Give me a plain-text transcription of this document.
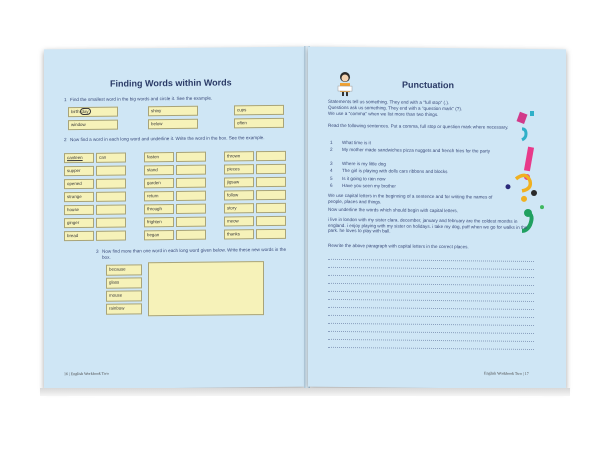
Finding Words within Words
1 Find the smallest word in the big words and circle it. See the example.
birth day
window
shiny
below
cups
often
2 Now find a word in each long word and underline it. Write the word in the box. See the example.
canteen	can
supper
opened
strange
house
ginger
bread
fasten
stand
garden
return
through
frighten
began
thrown
pieces
jigsaw
follow
story
meow
thanks
3 Now find more than one word in each long word given below. Write these new words in the box.
because
glass
mouse
rainbow
16 | English Workbook Two
Punctuation
Statements tell us something. They end with a "full stop" (.).
Questions ask us something. They end with a "question mark" (?).
We use a "comma" when we list more than two things.
Read the following sentences. Put a comma, full stop or question mark where necessary.
1 What time is it
2 My mother made sandwiches pizza nuggets and french fries for the party
3 Where is my little dog
4 The girl is playing with dolls cars ribbons and blocks
5 Is it going to rain now
6 Have you seen my brother
We use capital letters in the beginning of a sentence and for writing the names of people, places and things.
Now underline the words which should begin with capital letters.
i live in london with my sister clara. december, january and february are the coldest months in england. i enjoy playing with my sister on holidays. i take my dog, puff when we go for walks in the park. he loves to play with ball.
Rewrite the above paragraph with capital letters in the correct places.
English Workbook Two | 17
